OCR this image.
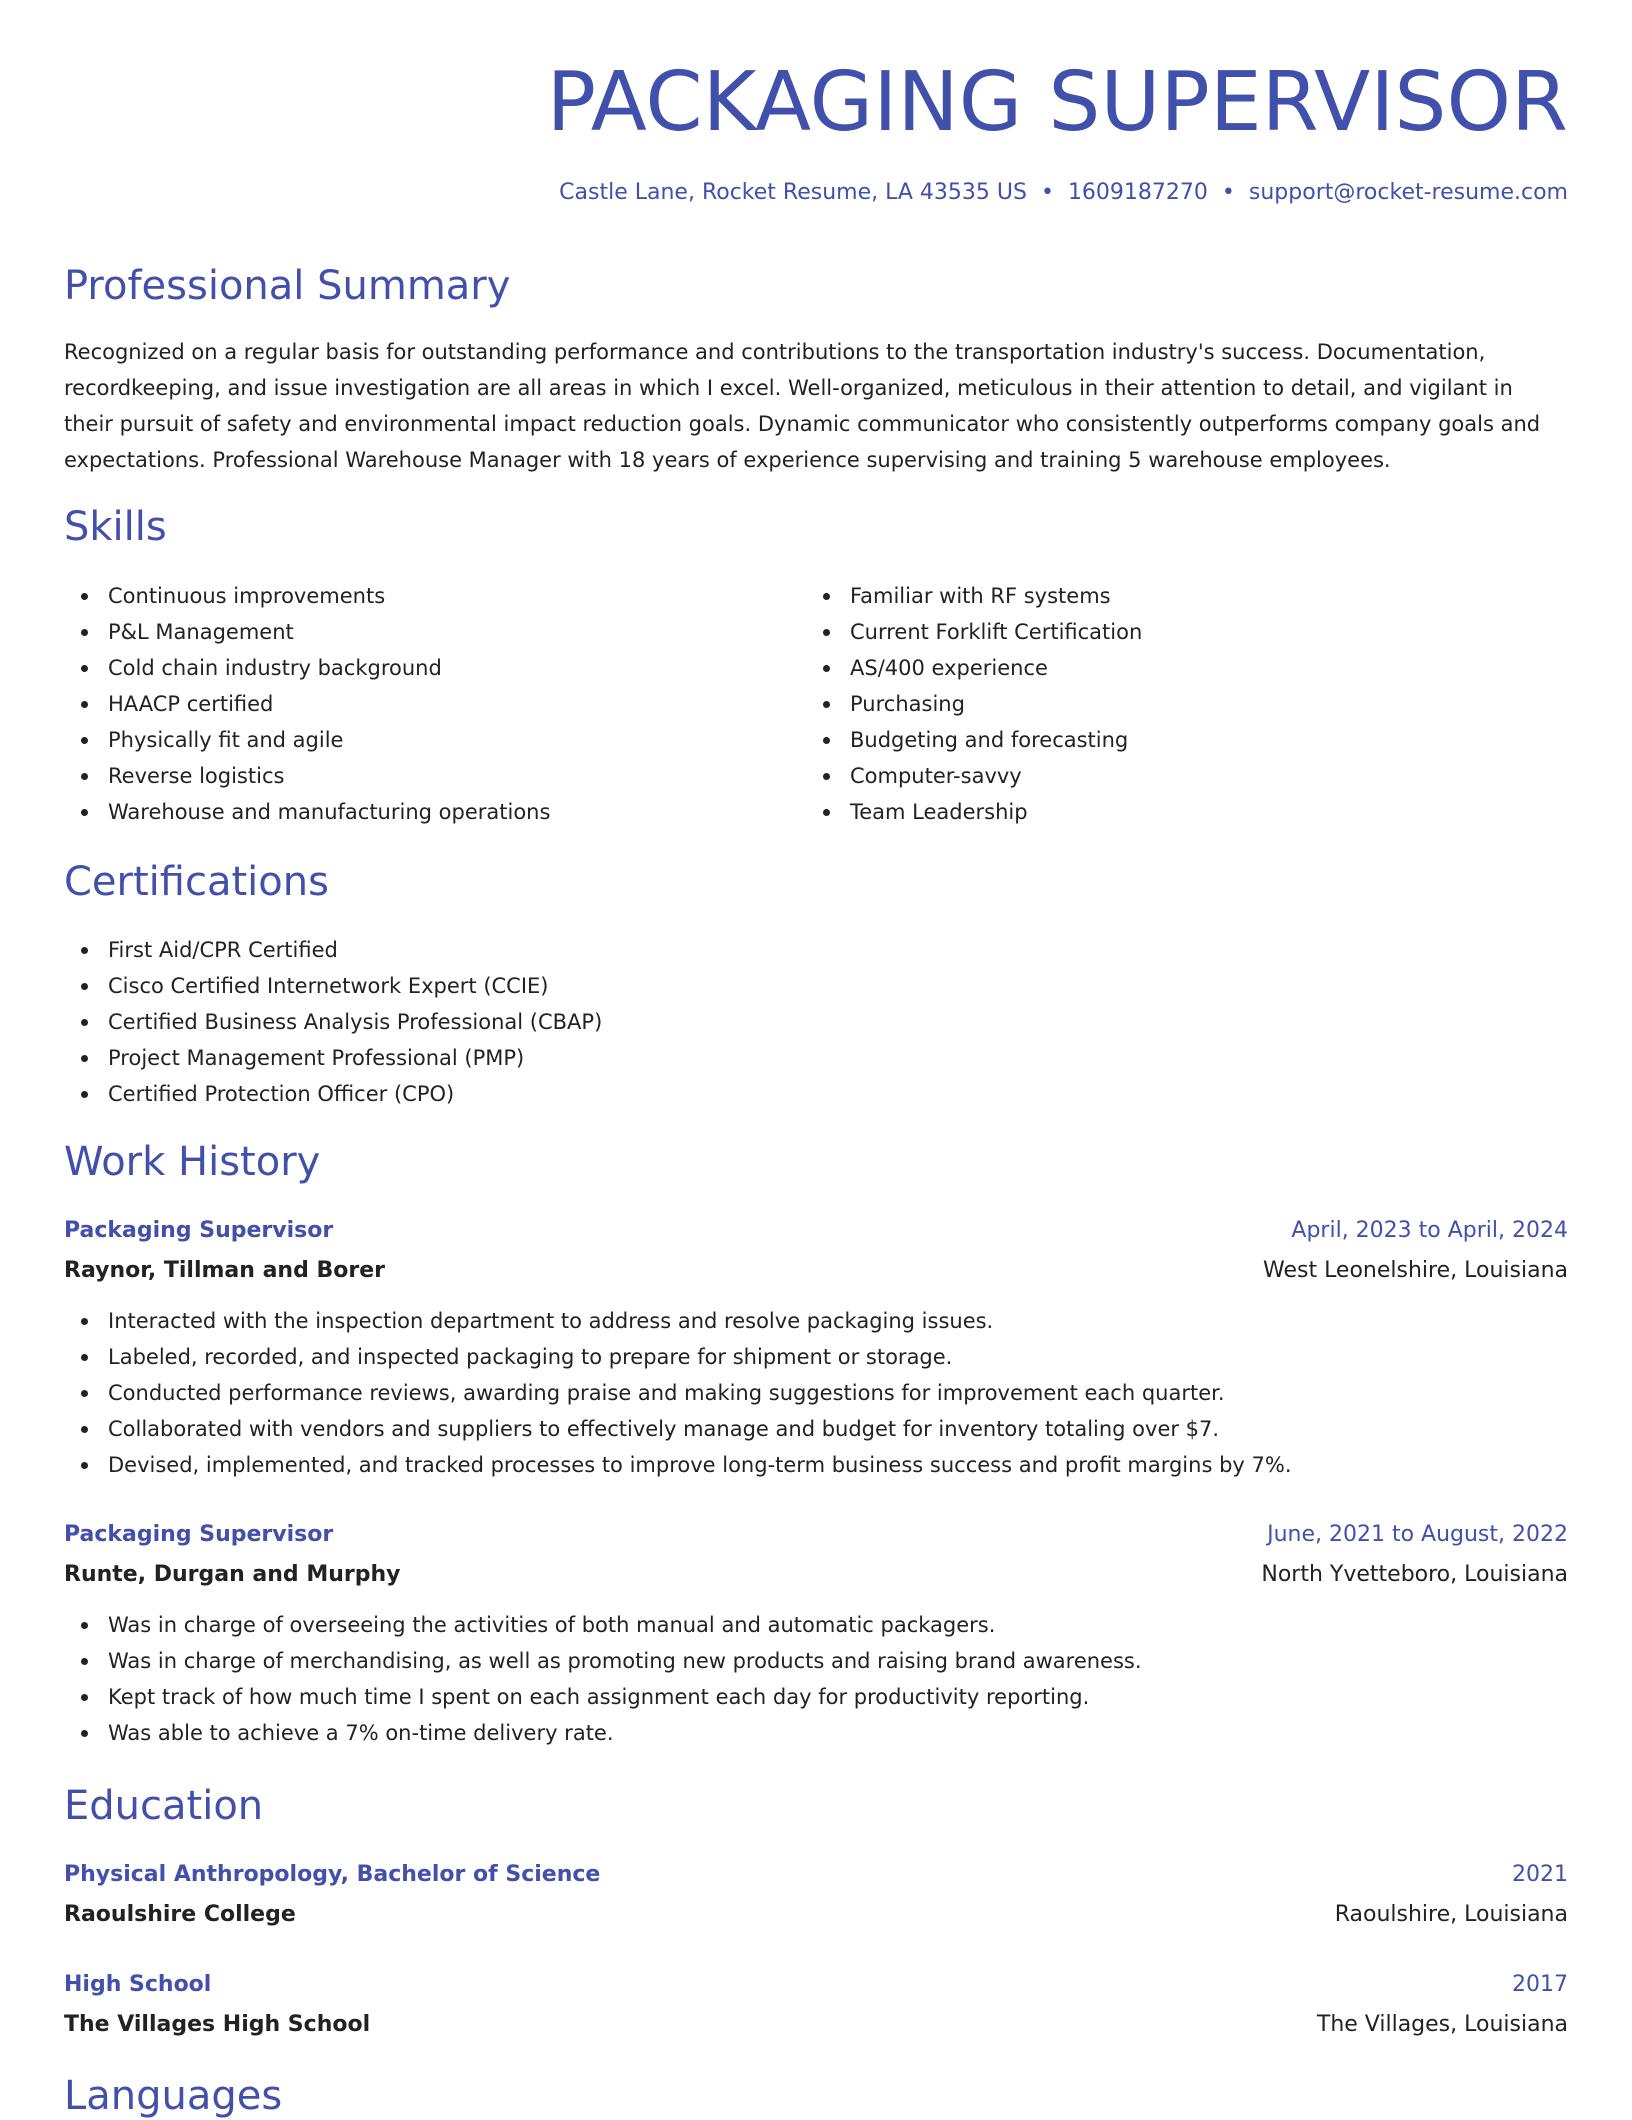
PACKAGING SUPERVISOR
Castle Lane, Rocket Resume, LA 43535 US • 1609187270 • support@rocket-resume.com
Professional Summary

Recognized on a regular basis for outstanding performance and contributions to the transportation industry's success. Documentation, recordkeeping, and issue investigation are all areas in which I excel. Well-organized, meticulous in their attention to detail, and vigilant in their pursuit of safety and environmental impact reduction goals. Dynamic communicator who consistently outperforms company goals and expectations. Professional Warehouse Manager with 18 years of experience supervising and training 5 warehouse employees.

Skills
Continuous improvements
P&L Management
Cold chain industry background
HAACP certified
Physically fit and agile
Reverse logistics
Warehouse and manufacturing operations
Familiar with RF systems
Current Forklift Certification
AS/400 experience
Purchasing
Budgeting and forecasting
Computer-savvy
Team Leadership
Certifications
First Aid/CPR Certified
Cisco Certified Internetwork Expert (CCIE)
Certified Business Analysis Professional (CBAP)
Project Management Professional (PMP)
Certified Protection Officer (CPO)
Work History
Packaging Supervisor	April, 2023 to April, 2024
Raynor, Tillman and Borer	West Leonelshire, Louisiana
Interacted with the inspection department to address and resolve packaging issues.
Labeled, recorded, and inspected packaging to prepare for shipment or storage.
Conducted performance reviews, awarding praise and making suggestions for improvement each quarter.
Collaborated with vendors and suppliers to effectively manage and budget for inventory totaling over $7.
Devised, implemented, and tracked processes to improve long-term business success and profit margins by 7%.
Packaging Supervisor	June, 2021 to August, 2022
Runte, Durgan and Murphy	North Yvetteboro, Louisiana
Was in charge of overseeing the activities of both manual and automatic packagers.
Was in charge of merchandising, as well as promoting new products and raising brand awareness.
Kept track of how much time I spent on each assignment each day for productivity reporting.
Was able to achieve a 7% on-time delivery rate.
Education
Physical Anthropology, Bachelor of Science	2021
Raoulshire College	Raoulshire, Louisiana
High School	2017
The Villages High School	The Villages, Louisiana
Languages
